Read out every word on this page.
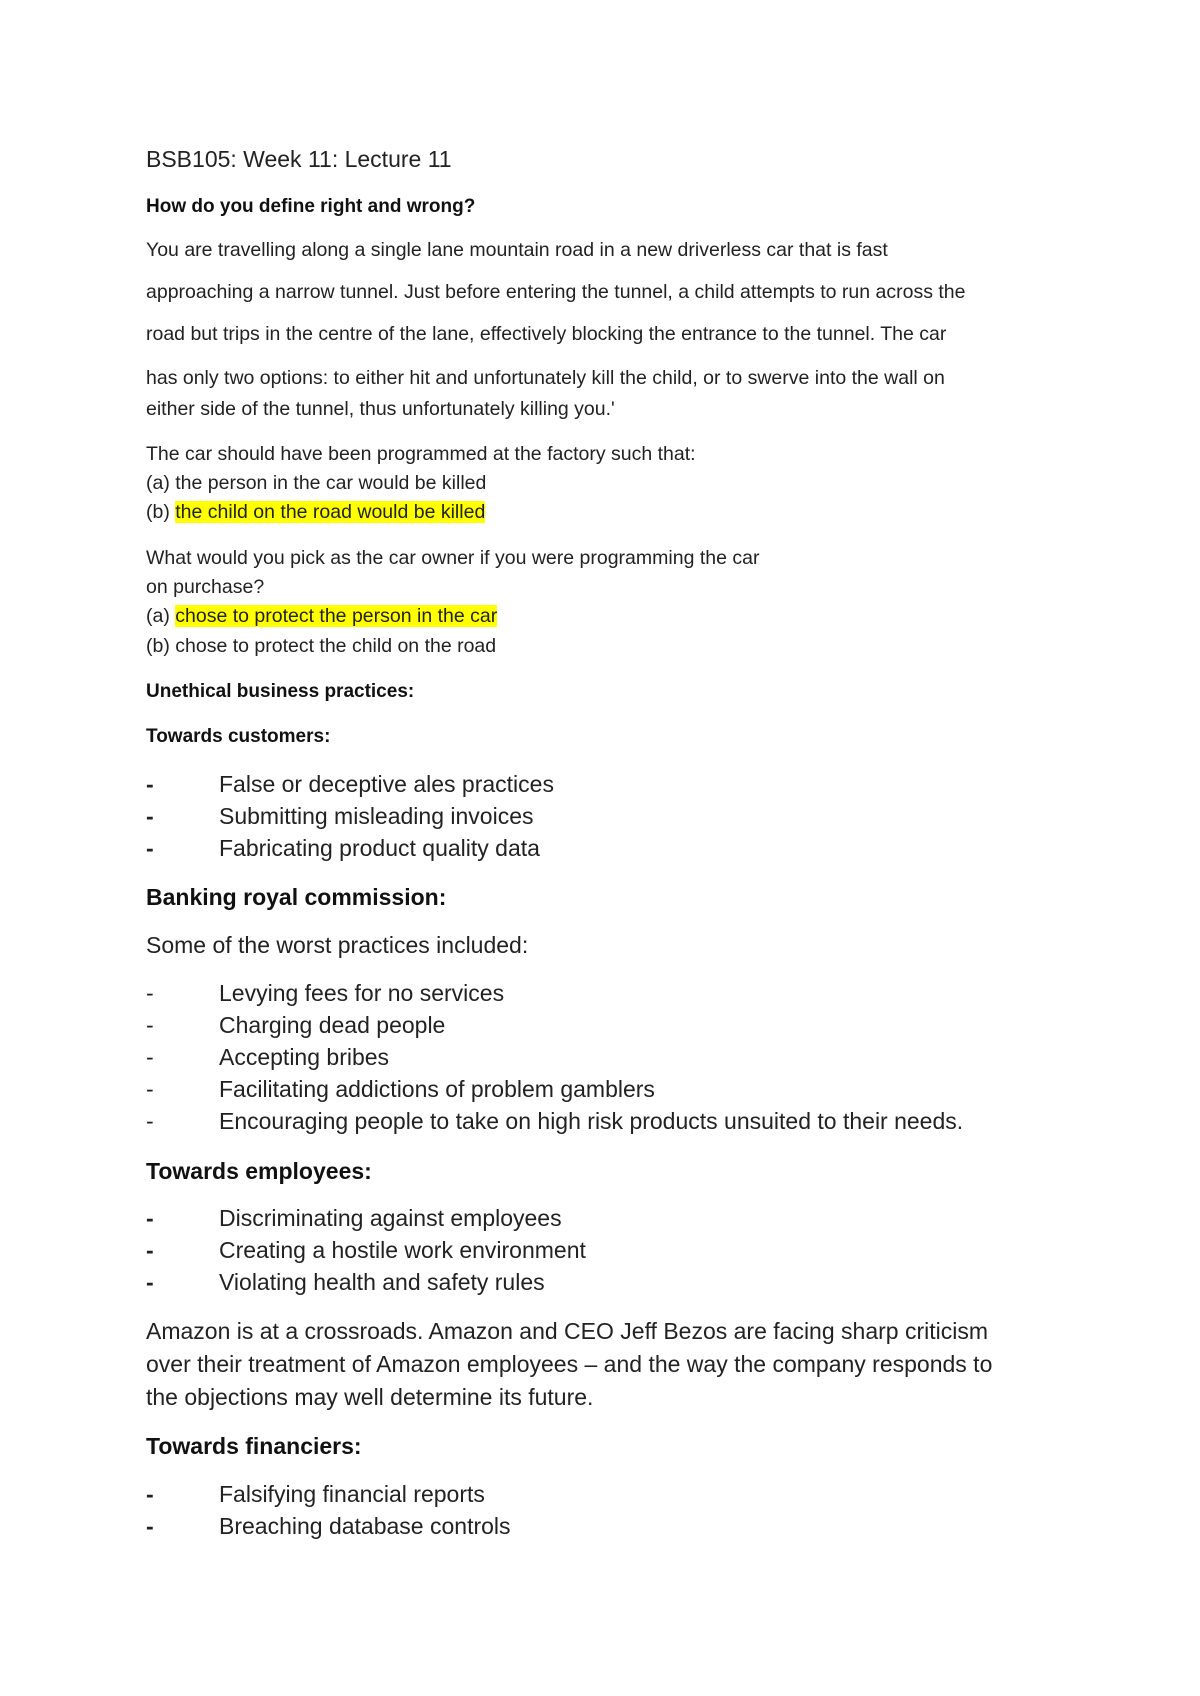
BSB105: Week 11: Lecture 11

How do you define right and wrong?

You are travelling along a single lane mountain road in a new driverless car that is fast

approaching a narrow tunnel. Just before entering the tunnel, a child attempts to run across the

road but trips in the centre of the lane, effectively blocking the entrance to the tunnel. The car

has only two options: to either hit and unfortunately kill the child, or to swerve into the wall on

either side of the tunnel, thus unfortunately killing you.'

The car should have been programmed at the factory such that:

(a) the person in the car would be killed

(b) the child on the road would be killed

What would you pick as the car owner if you were programming the car

on purchase?

(a) chose to protect the person in the car

(b) chose to protect the child on the road

Unethical business practices:

Towards customers:

-	False or deceptive ales practices
-	Submitting misleading invoices
-	Fabricating product quality data

Banking royal commission:

Some of the worst practices included:

-	Levying fees for no services
-	Charging dead people
-	Accepting bribes
-	Facilitating addictions of problem gamblers
-	Encouraging people to take on high risk products unsuited to their needs.

Towards employees:

-	Discriminating against employees
-	Creating a hostile work environment
-	Violating health and safety rules

Amazon is at a crossroads. Amazon and CEO Jeff Bezos are facing sharp criticism

over their treatment of Amazon employees – and the way the company responds to

the objections may well determine its future.

Towards financiers:

-	Falsifying financial reports
-	Breaching database controls
